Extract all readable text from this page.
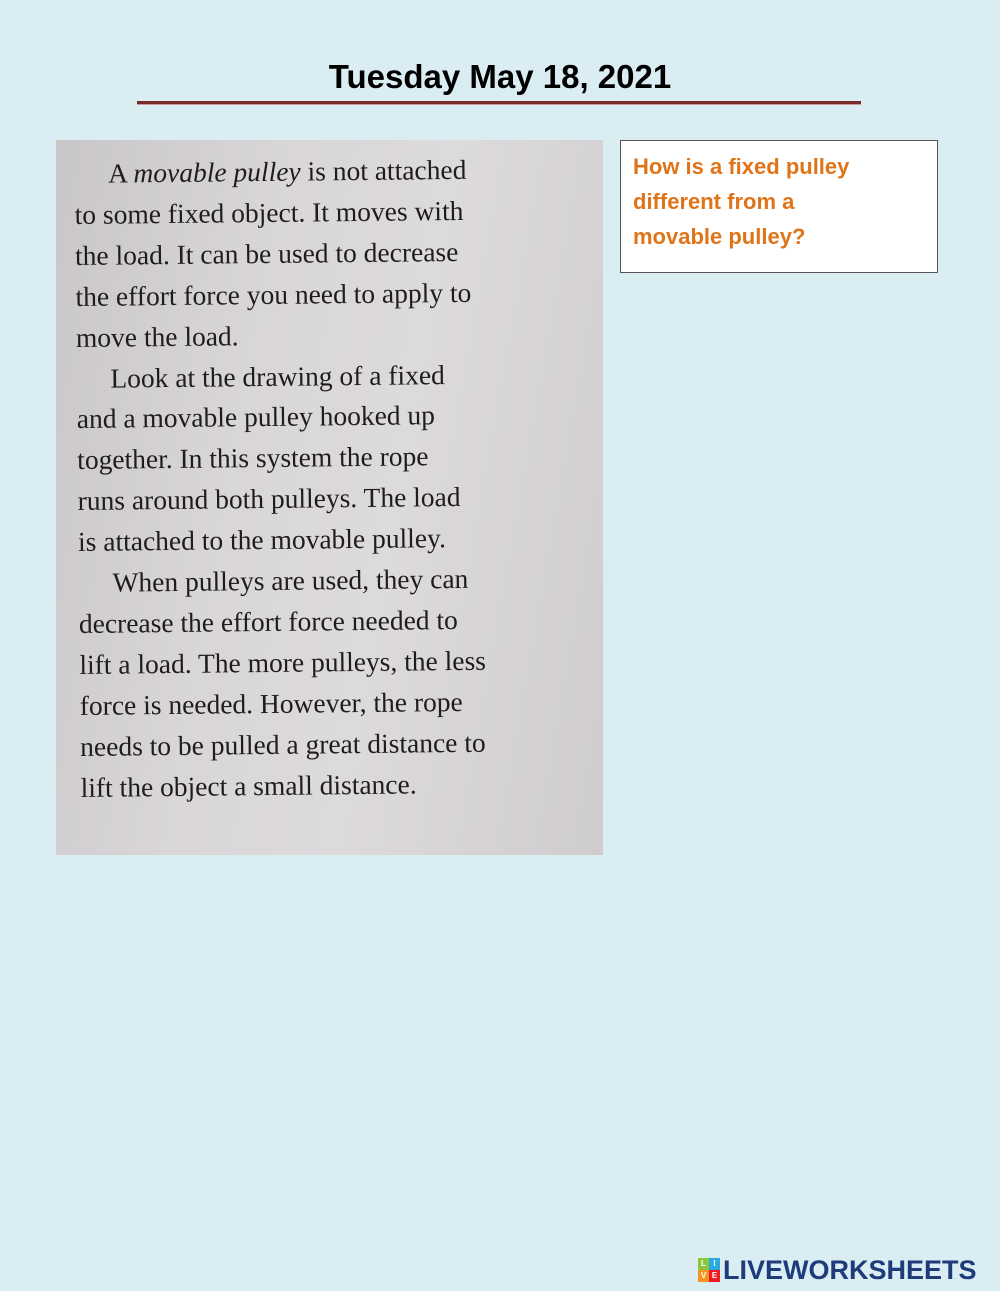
Tuesday May 18, 2021

A movable pulley is not attached
to some fixed object. It moves with
the load. It can be used to decrease
the effort force you need to apply to
move the load.

Look at the drawing of a fixed
and a movable pulley hooked up
together. In this system the rope
runs around both pulleys. The load
is attached to the movable pulley.

When pulleys are used, they can
decrease the effort force needed to
lift a load. The more pulleys, the less
force is needed. However, the rope
needs to be pulled a great distance to
lift the object a small distance.

How is a fixed pulley
different from a
movable pulley?
L I
V E LIVEWORKSHEETS
